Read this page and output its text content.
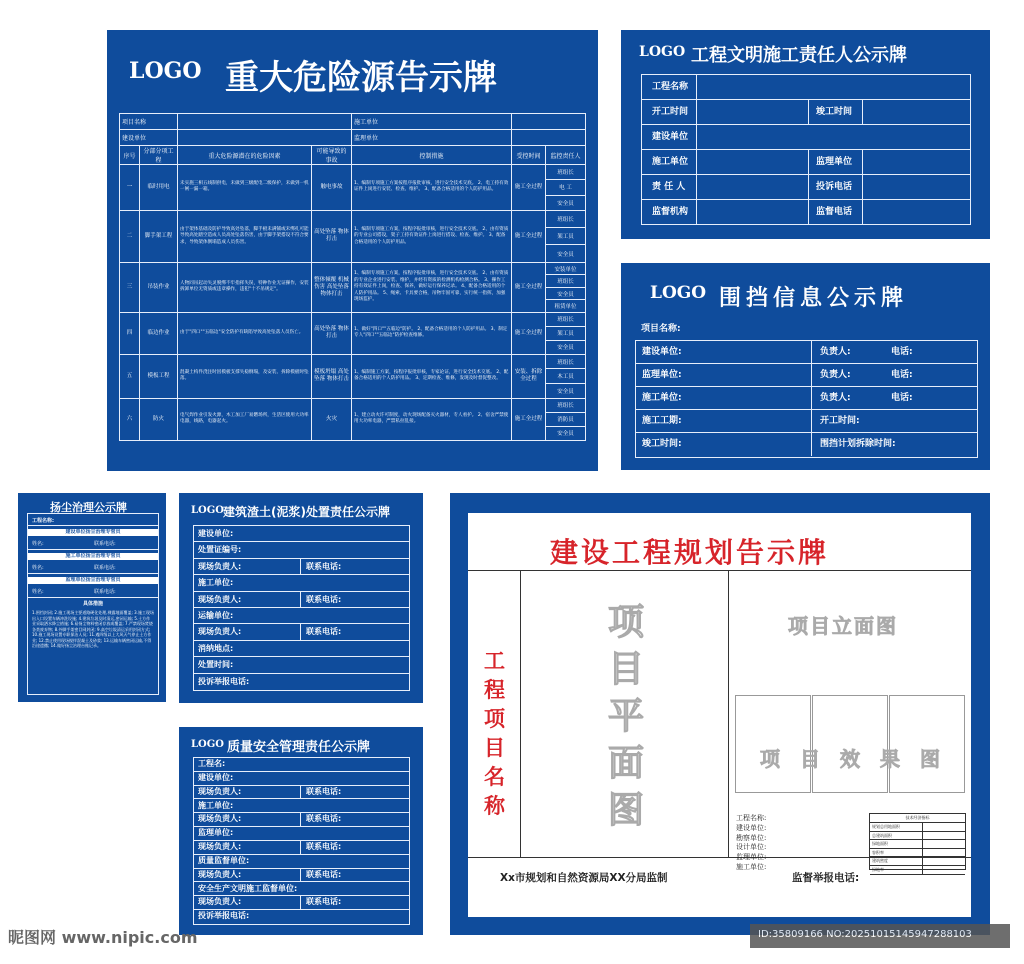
LOGO 重大危险源告示牌
项目名称				施工单位		
建设单位				监理单位		
序号	分部分项工程	重大危险源潜在的危险因素	可能导致的事故	控制措施	受控时间	监控责任人
一	临时用电	未实施三相五线制供电，未做到三级配电二级保护，未做到一机一闸一漏一箱。	触电事故	1、编制专项施工方案按程序报批审核，进行安全技术交底。 2、电工持有效证件上岗进行安装、检查、维护。 3、配备合格适用的个人防护用品。	施工全过程	班组长
						电 工
						安全员
二	脚手架工程	由于架体基础及防护导致高处坠落，脚手板未满铺或未绑扎可能导致高处踏空造成人员高处坠落伤害，由于脚手架搭设不符合要求，导致架体倒塌造成人员伤害。	高处坠落 物体打击	1、编制专项施工方案，按程序报批审核，进行安全技术交底。 2、由有资质的专业公司搭设，架子工持有效证件上岗进行搭设、检查、维护。 3、配备合格适用的个人防护用品。	施工全过程	班组长
						架工员
						安全员
三	吊装作业	人物同吊起动失灵脱绑不牢指挥失误，特种作业无证操作，安装拆卸单位无资质或违章操作，违犯"十不吊规定"。	整体倾覆 机械伤害 高处坠落 物体打击	1、编制专项施工方案，按程序报批审核，进行安全技术交底。 2、由有资质的专业企业进行安装、维护，并经有资质的检测机构检测合格。 3、操作工持有效证件上岗，检查、保养，做好运行保养记录。 4、配备合格适用的个人防护用品。 5、绳索、卡具要合格，吊物牢固可靠，实行统一指挥，加强现场监护。	施工全过程	安装单位
						班组长
						安全员
						租赁单位
四	临边作业	由于"四口""五临边"安全防护有缺陷导致高处坠落人员伤亡。	高处坠落 物体打击	1、做好"四口""五临边"防护。 2、配备合格适用的个人防护用品。 3、制定专人"四口""五临边"防护检查维修。	施工全过程	班组长
						架工员
						安全员
五	模板工程	混凝土构件浇注时因模板支撑失稳倒塌，及安装、拆除模板时坠落。	模板坍塌 高处坠落 物体打击	1、编制施工方案，按程序报批审核，专家论证，进行安全技术交底。 2、配备合格适用的个人防护用品。 3、定期检查、维修，发现及时督促整改。	安装、拆除全过程	班组长
						木工员
						安全员
六	防火	电气焊作业引发火源，木工加工厂易燃场所，生活区使用大功率电器，线路，电器起火。	火灾	1、建立动火许可制度，动火现场配备灭火器材，专人看护。 2、宿舍严禁使用大功率电器，严禁私拉乱接。	施工全过程	班组长
						消防员
						安全员
LOGO 工程文明施工责任人公示牌
工程名称
开工时间	竣工时间
建设单位
施工单位	监理单位
责 任 人	投诉电话
监督机构	监督电话
LOGO 围挡信息公示牌
项目名称:
建设单位:	负责人:	电话:
监理单位:	负责人:	电话:
施工单位:	负责人:	电话:
施工工期:	开工时间:
竣工时间:	围挡计划拆除时间:
扬尘治理公示牌
工程名称:
建设单位扬尘治理专管员
姓名:	联系电话:
施工单位扬尘治理专管员
姓名:	联系电话:
监理单位扬尘治理专管员
姓名:	联系电话:
具体措施
1.围挡封闭; 2.施工现场主要道路硬化处理,裸露地面覆盖; 3.施工现场出入口设置车辆冲洗设施; 4.建筑垃圾及时清运,密闭运输; 5.土方作业采取洒水降尘措施; 6.易扬尘物料密闭存放或覆盖; 7.严禁现场焚烧各类废弃物; 8.外脚手架密目网封闭; 9.高空垃圾清运采用封闭方式; 10.施工现场设置专职保洁人员; 11.遇四级以上大风天气停止土方作业; 12.禁止使用现场搅拌混凝土及砂浆; 13.运输车辆密闭运输,不得沿途遗撒; 14.做好扬尘治理台账记录。
LOGO 建筑渣土(泥浆)处置责任公示牌
建设单位:
处置证编号:
现场负责人:	联系电话:
施工单位:
现场负责人:	联系电话:
运输单位:
现场负责人:	联系电话:
消纳地点:
处置时间:
投诉举报电话:
LOGO 质量安全管理责任公示牌
工程名:
建设单位:
现场负责人:	联系电话:
施工单位:
现场负责人:	联系电话:
监理单位:
现场负责人:	联系电话:
质量监督单位:
现场负责人:	联系电话:
安全生产文明施工监督单位:
现场负责人:	联系电话:
投诉举报电话:
建设工程规划告示牌
工程项目名称
项目平面图
项目立面图
项目效果图
工程名称:
建设单位:
勘察单位:
设计单位:
监理单位:
施工单位:
技术经济指标
规划总用地面积
总建筑面积
绿地面积
容积率
建筑密度
绿地率
Xx市规划和自然资源局XX分局监制	监督举报电话:
昵图网 www.nipic.com	ID:35809166 NO:20251015145947288103
